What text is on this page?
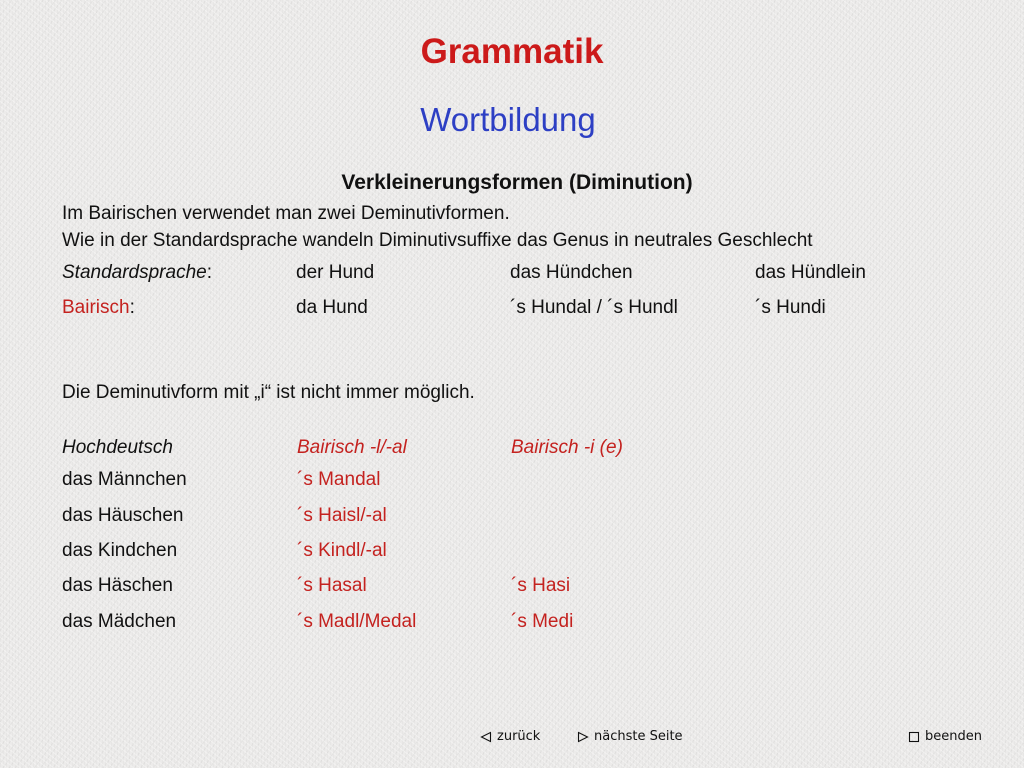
Grammatik
Wortbildung
Verkleinerungsformen (Diminution)
Im Bairischen verwendet man zwei Deminutivformen.
Wie in der Standardsprache wandeln Diminutivsuffixe das Genus in neutrales Geschlecht
Standardsprache:	der Hund	das Hündchen	das Hündlein
Bairisch:	da Hund	´s Hundal / ´s Hundl	´s Hundi
Die Deminutivform mit „i“ ist nicht immer möglich.
Hochdeutsch	Bairisch -l/-al	Bairisch -i (e)
das Männchen	´s Mandal
das Häuschen	´s Haisl/-al
das Kindchen	´s Kindl/-al
das Häschen	´s Hasal	´s Hasi
das Mädchen	´s Madl/Medal	´s Medi
zurück	nächste Seite	beenden
